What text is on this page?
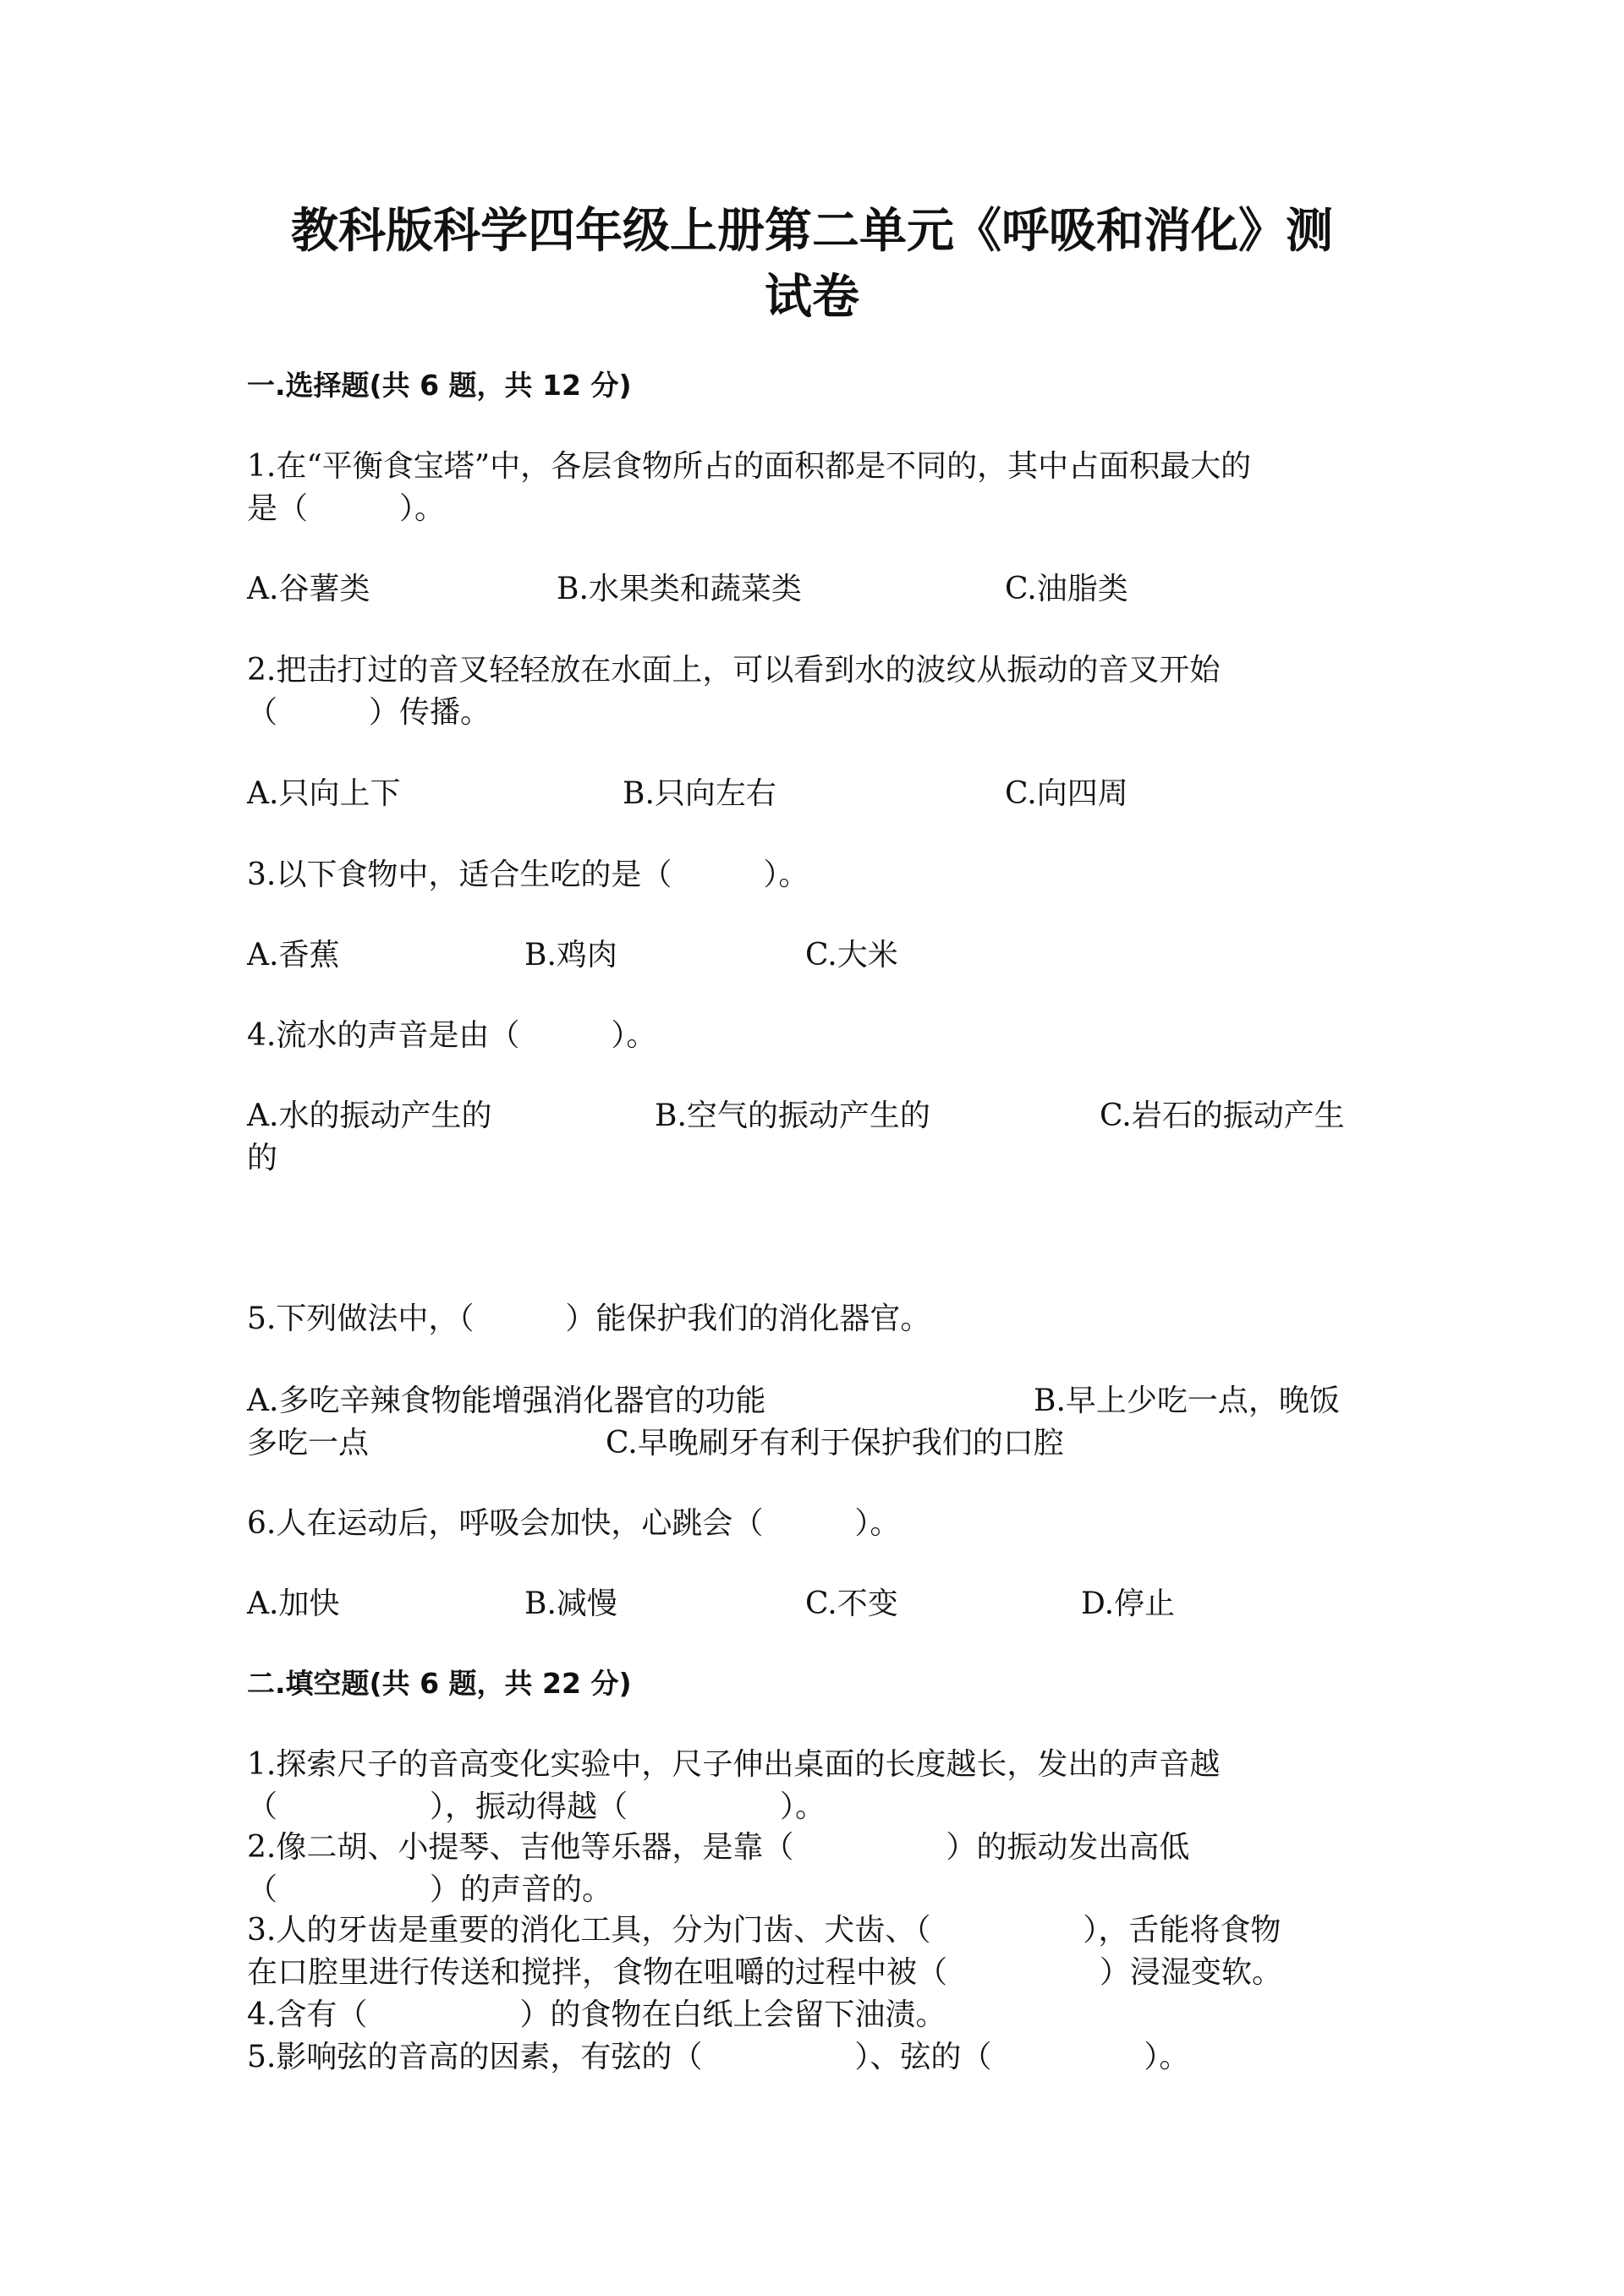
教科版科学四年级上册第二单元《呼吸和消化》测
试卷
一.选择题(共 6 题，共 12 分)
1.在“平衡食宝塔”中，各层食物所占的面积都是不同的，其中占面积最大的
是（　　　）。
A.谷薯类	B.水果类和蔬菜类	C.油脂类
2.把击打过的音叉轻轻放在水面上，可以看到水的波纹从振动的音叉开始
（　　　）传播。
A.只向上下	B.只向左右	C.向四周
3.以下食物中，适合生吃的是（　　　）。
A.香蕉	B.鸡肉	C.大米
4.流水的声音是由（　　　）。
A.水的振动产生的	B.空气的振动产生的	C.岩石的振动产生
的
5.下列做法中，（　　　）能保护我们的消化器官。
A.多吃辛辣食物能增强消化器官的功能	B.早上少吃一点，晚饭
多吃一点	C.早晚刷牙有利于保护我们的口腔
6.人在运动后，呼吸会加快，心跳会（　　　）。
A.加快	B.减慢	C.不变	D.停止
二.填空题(共 6 题，共 22 分)
1.探索尺子的音高变化实验中，尺子伸出桌面的长度越长，发出的声音越
（　　　　　），振动得越（　　　　　）。
2.像二胡、小提琴、吉他等乐器，是靠（　　　　　）的振动发出高低
（　　　　　）的声音的。
3.人的牙齿是重要的消化工具，分为门齿、犬齿、（　　　　　），舌能将食物
在口腔里进行传送和搅拌，食物在咀嚼的过程中被（　　　　　）浸湿变软。
4.含有（　　　　　）的食物在白纸上会留下油渍。
5.影响弦的音高的因素，有弦的（　　　　　）、弦的（　　　　　）。
